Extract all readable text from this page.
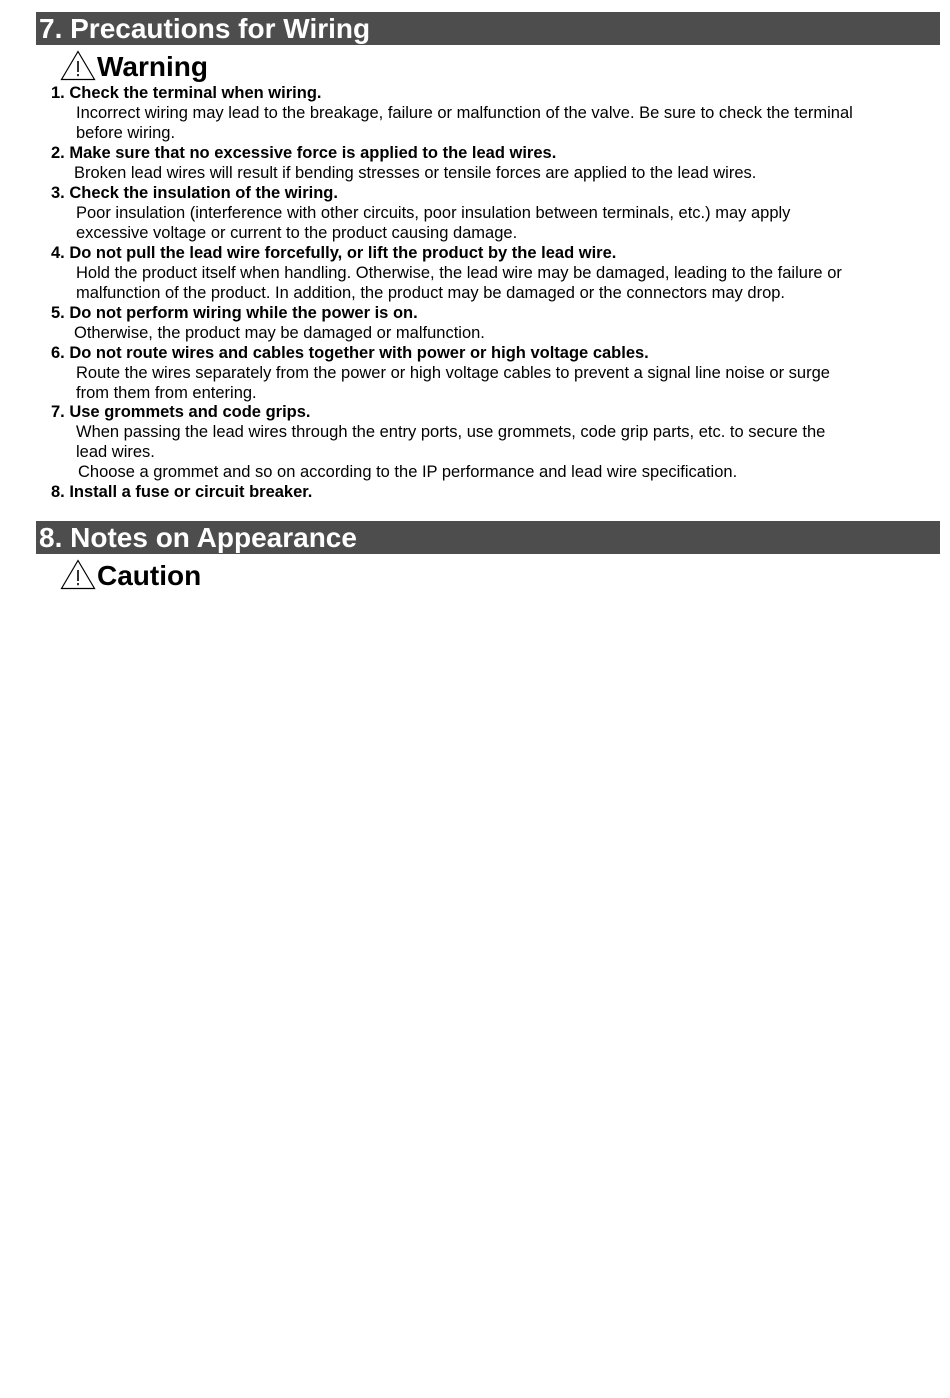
7. Precautions for Wiring
Warning
1. Check the terminal when wiring.
Incorrect wiring may lead to the breakage, failure or malfunction of the valve. Be sure to check the terminal
before wiring.
2. Make sure that no excessive force is applied to the lead wires.
Broken lead wires will result if bending stresses or tensile forces are applied to the lead wires.
3. Check the insulation of the wiring.
Poor insulation (interference with other circuits, poor insulation between terminals, etc.) may apply
excessive voltage or current to the product causing damage.
4. Do not pull the lead wire forcefully, or lift the product by the lead wire.
Hold the product itself when handling. Otherwise, the lead wire may be damaged, leading to the failure or
malfunction of the product. In addition, the product may be damaged or the connectors may drop.
5. Do not perform wiring while the power is on.
Otherwise, the product may be damaged or malfunction.
6. Do not route wires and cables together with power or high voltage cables.
Route the wires separately from the power or high voltage cables to prevent a signal line noise or surge
from them from entering.
7. Use grommets and code grips.
When passing the lead wires through the entry ports, use grommets, code grip parts, etc. to secure the
lead wires.
Choose a grommet and so on according to the IP performance and lead wire specification.
8. Install a fuse or circuit breaker.
8. Notes on Appearance
Caution
